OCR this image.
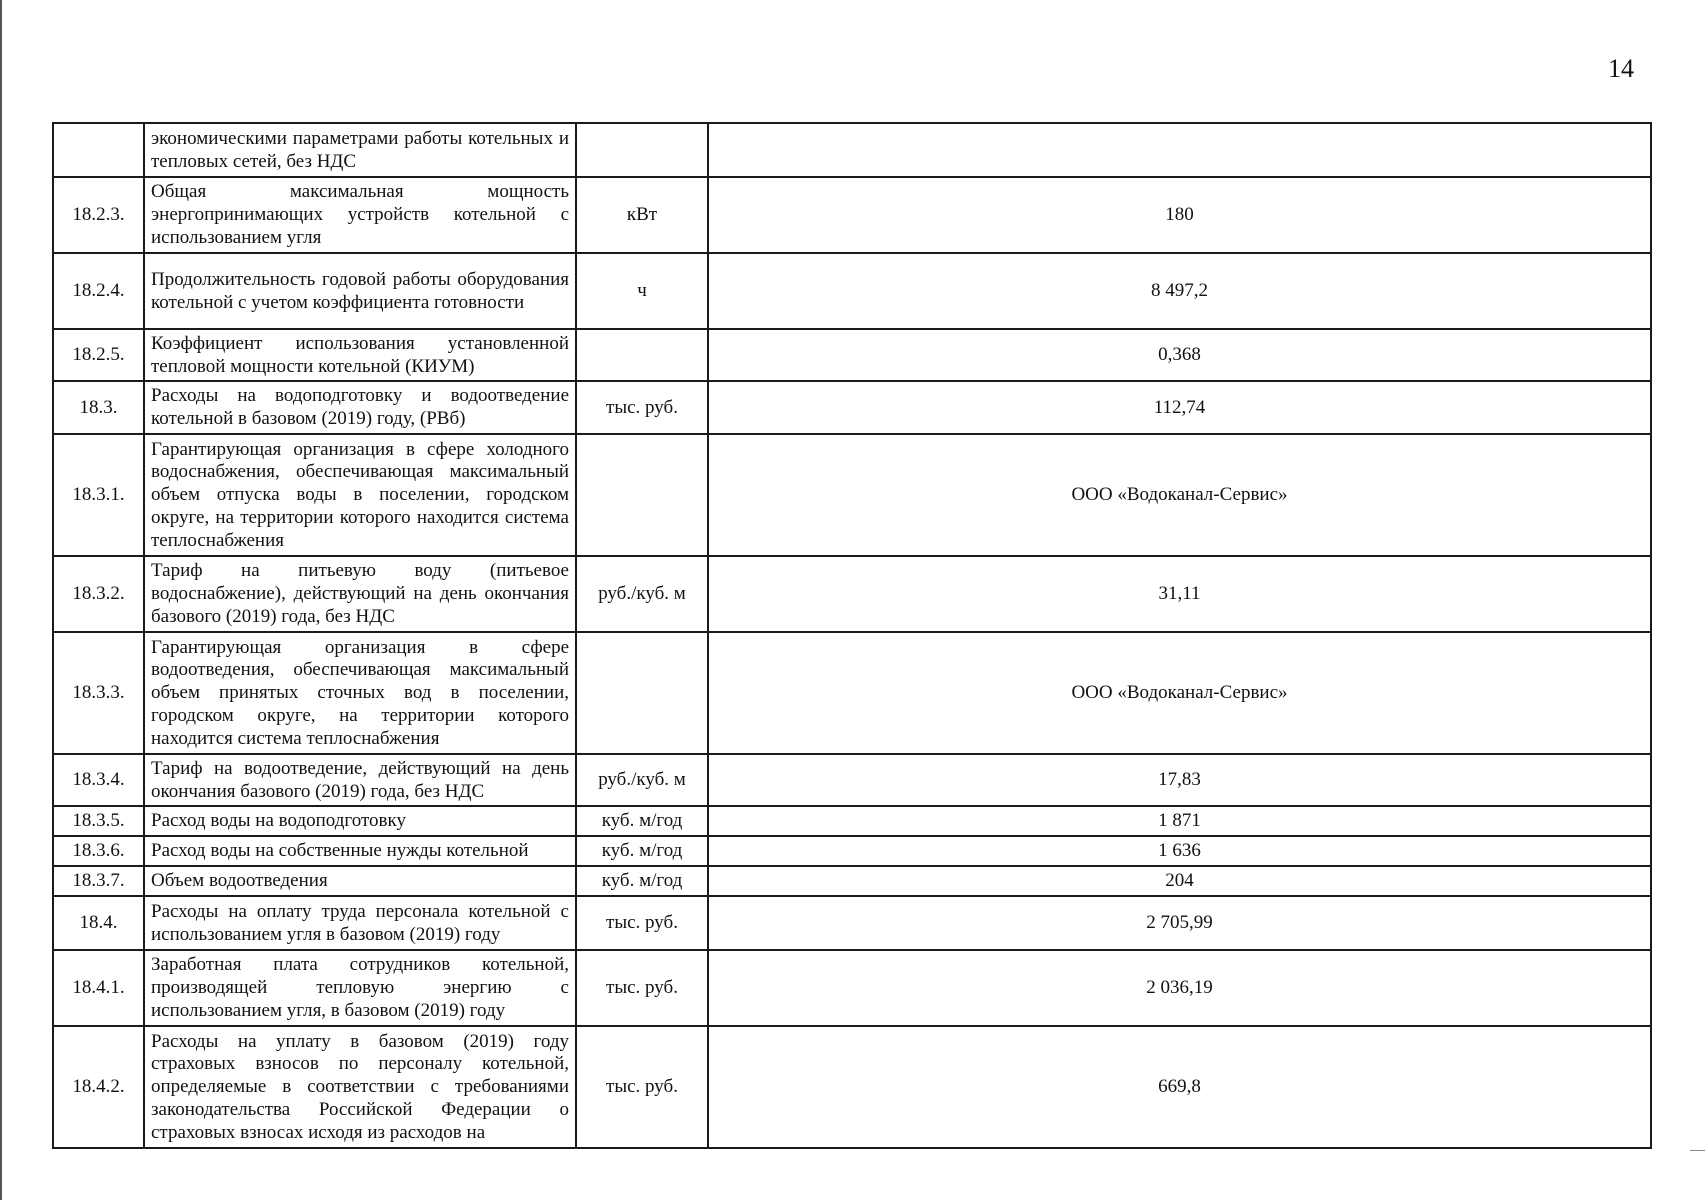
14
	экономическими параметрами работы котельных и тепловых сетей, без НДС		
18.2.3.	Общая максимальная мощность энергопринимающих устройств котельной с использованием угля	кВт	180
18.2.4.	Продолжительность годовой работы оборудования котельной с учетом коэффициента готовности	ч	8 497,2
18.2.5.	Коэффициент использования установленной тепловой мощности котельной (КИУМ)		0,368
18.3.	Расходы на водоподготовку и водоотведение котельной в базовом (2019) году, (РВб)	тыс. руб.	112,74
18.3.1.	Гарантирующая организация в сфере холодного водоснабжения, обеспечивающая максимальный объем отпуска воды в поселении, городском округе, на территории которого находится система теплоснабжения		ООО «Водоканал-Сервис»
18.3.2.	Тариф на питьевую воду (питьевое водоснабжение), действующий на день окончания базового (2019) года, без НДС	руб./куб. м	31,11
18.3.3.	Гарантирующая организация в сфере водоотведения, обеспечивающая максимальный объем принятых сточных вод в поселении, городском округе, на территории которого находится система теплоснабжения		ООО «Водоканал-Сервис»
18.3.4.	Тариф на водоотведение, действующий на день окончания базового (2019) года, без НДС	руб./куб. м	17,83
18.3.5.	Расход воды на водоподготовку	куб. м/год	1 871
18.3.6.	Расход воды на собственные нужды котельной	куб. м/год	1 636
18.3.7.	Объем водоотведения	куб. м/год	204
18.4.	Расходы на оплату труда персонала котельной с использованием угля в базовом (2019) году	тыс. руб.	2 705,99
18.4.1.	Заработная плата сотрудников котельной, производящей тепловую энергию с использованием угля, в базовом (2019) году	тыс. руб.	2 036,19
18.4.2.	Расходы на уплату в базовом (2019) году страховых взносов по персоналу котельной, определяемые в соответствии с требованиями законодательства Российской Федерации о страховых взносах исходя из расходов на	тыс. руб.	669,8
